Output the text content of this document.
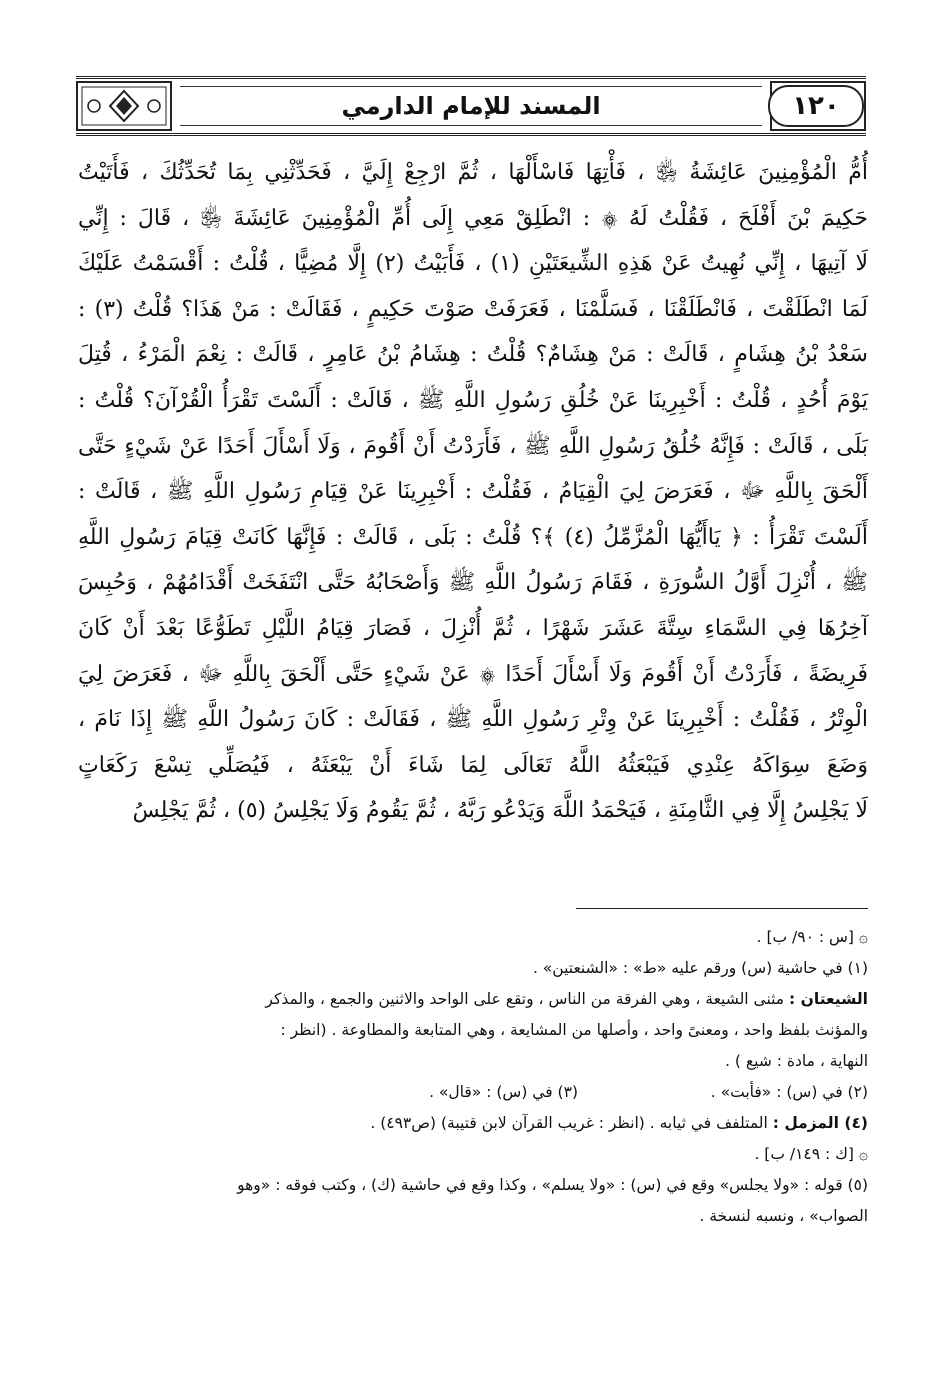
المسند للإمام الدارمي	١٢٠

أُمُّ الْمُؤْمِنِينَ عَائِشَةُ ﵂ ، فَأْتِهَا فَاسْأَلْهَا ، ثُمَّ ارْجِعْ إِلَيَّ ، فَحَدِّثْنِي بِمَا تُحَدِّثُكَ ، فَأَتَيْتُ

حَكِيمَ بْنَ أَفْلَحَ ، فَقُلْتُ لَهُ ۞ : انْطَلِقْ مَعِي إِلَى أُمِّ الْمُؤْمِنِينَ عَائِشَةَ ﵂ ، قَالَ : إِنِّي

لَا آتِيهَا ، إِنِّي نُهِيتُ عَنْ هَذِهِ الشِّيعَتَيْنِ (١) ، فَأَبَيْتُ (٢) إِلَّا مُضِيًّا ، قُلْتُ : أَقْسَمْتُ عَلَيْكَ

لَمَا انْطَلَقْتَ ، فَانْطَلَقْنَا ، فَسَلَّمْنَا ، فَعَرَفَتْ صَوْتَ حَكِيمٍ ، فَقَالَتْ : مَنْ هَذَا؟ قُلْتُ (٣) :

سَعْدُ بْنُ هِشَامٍ ، قَالَتْ : مَنْ هِشَامٌ؟ قُلْتُ : هِشَامُ بْنُ عَامِرٍ ، قَالَتْ : نِعْمَ الْمَرْءُ ، قُتِلَ

يَوْمَ أُحُدٍ ، قُلْتُ : أَخْبِرِينَا عَنْ خُلُقِ رَسُولِ اللَّهِ ﷺ ، قَالَتْ : أَلَسْتَ تَقْرَأُ الْقُرْآنَ؟ قُلْتُ :

بَلَى ، قَالَتْ : فَإِنَّهُ خُلُقُ رَسُولِ اللَّهِ ﷺ ، فَأَرَدْتُ أَنْ أَقُومَ ، وَلَا أَسْأَلَ أَحَدًا عَنْ شَيْءٍ حَتَّى

أَلْحَقَ بِاللَّهِ ﷻ ، فَعَرَضَ لِيَ الْقِيَامُ ، فَقُلْتُ : أَخْبِرِينَا عَنْ قِيَامِ رَسُولِ اللَّهِ ﷺ ، قَالَتْ :

أَلَسْتَ تَقْرَأُ : ﴿ يَاأَيُّهَا الْمُزَّمِّلُ (٤) ﴾؟ قُلْتُ : بَلَى ، قَالَتْ : فَإِنَّهَا كَانَتْ قِيَامَ رَسُولِ اللَّهِ

ﷺ ، أُنْزِلَ أَوَّلُ السُّورَةِ ، فَقَامَ رَسُولُ اللَّهِ ﷺ وَأَصْحَابُهُ حَتَّى انْتَفَخَتْ أَقْدَامُهُمْ ، وَحُبِسَ

آخِرُهَا فِي السَّمَاءِ سِتَّةَ عَشَرَ شَهْرًا ، ثُمَّ أُنْزِلَ ، فَصَارَ قِيَامُ اللَّيْلِ تَطَوُّعًا بَعْدَ أَنْ كَانَ

فَرِيضَةً ، فَأَرَدْتُ أَنْ أَقُومَ وَلَا أَسْأَلَ أَحَدًا ۞ عَنْ شَيْءٍ حَتَّى أَلْحَقَ بِاللَّهِ ﷻ ، فَعَرَضَ لِيَ

الْوِتْرُ ، فَقُلْتُ : أَخْبِرِينَا عَنْ وِتْرِ رَسُولِ اللَّهِ ﷺ ، فَقَالَتْ : كَانَ رَسُولُ اللَّهِ ﷺ إِذَا نَامَ ،

وَضَعَ سِوَاكَهُ عِنْدِي فَيَبْعَثُهُ اللَّهُ تَعَالَى لِمَا شَاءَ أَنْ يَبْعَثَهُ ، فَيُصَلِّي تِسْعَ رَكَعَاتٍ

لَا يَجْلِسُ إِلَّا فِي الثَّامِنَةِ ، فَيَحْمَدُ اللَّهَ وَيَدْعُو رَبَّهُ ، ثُمَّ يَقُومُ وَلَا يَجْلِسُ (٥) ، ثُمَّ يَجْلِسُ

۞ [س : ٩٠/ ب] .

(١) في حاشية (س) ورقم عليه «ط» : «الشنعتين» .

الشيعتان : مثنى الشيعة ، وهي الفرقة من الناس ، وتقع على الواحد والاثنين والجمع ، والمذكر

والمؤنث بلفظ واحد ، ومعنىً واحد ، وأصلها من المشايعة ، وهي المتابعة والمطاوعة . (انظر :

النهاية ، مادة : شيع ) .

(٢) في (س) : «فأبت» .
(٣) في (س) : «قال» .

(٤) المزمل : المتلفف في ثيابه . (انظر : غريب القرآن لابن قتيبة) (ص٤٩٣) .

۞ [ك : ١٤٩/ ب] .

(٥) قوله : «ولا يجلس» وقع في (س) : «ولا يسلم» ، وكذا وقع في حاشية (ك) ، وكتب فوقه : «وهو

الصواب» ، ونسبه لنسخة .
